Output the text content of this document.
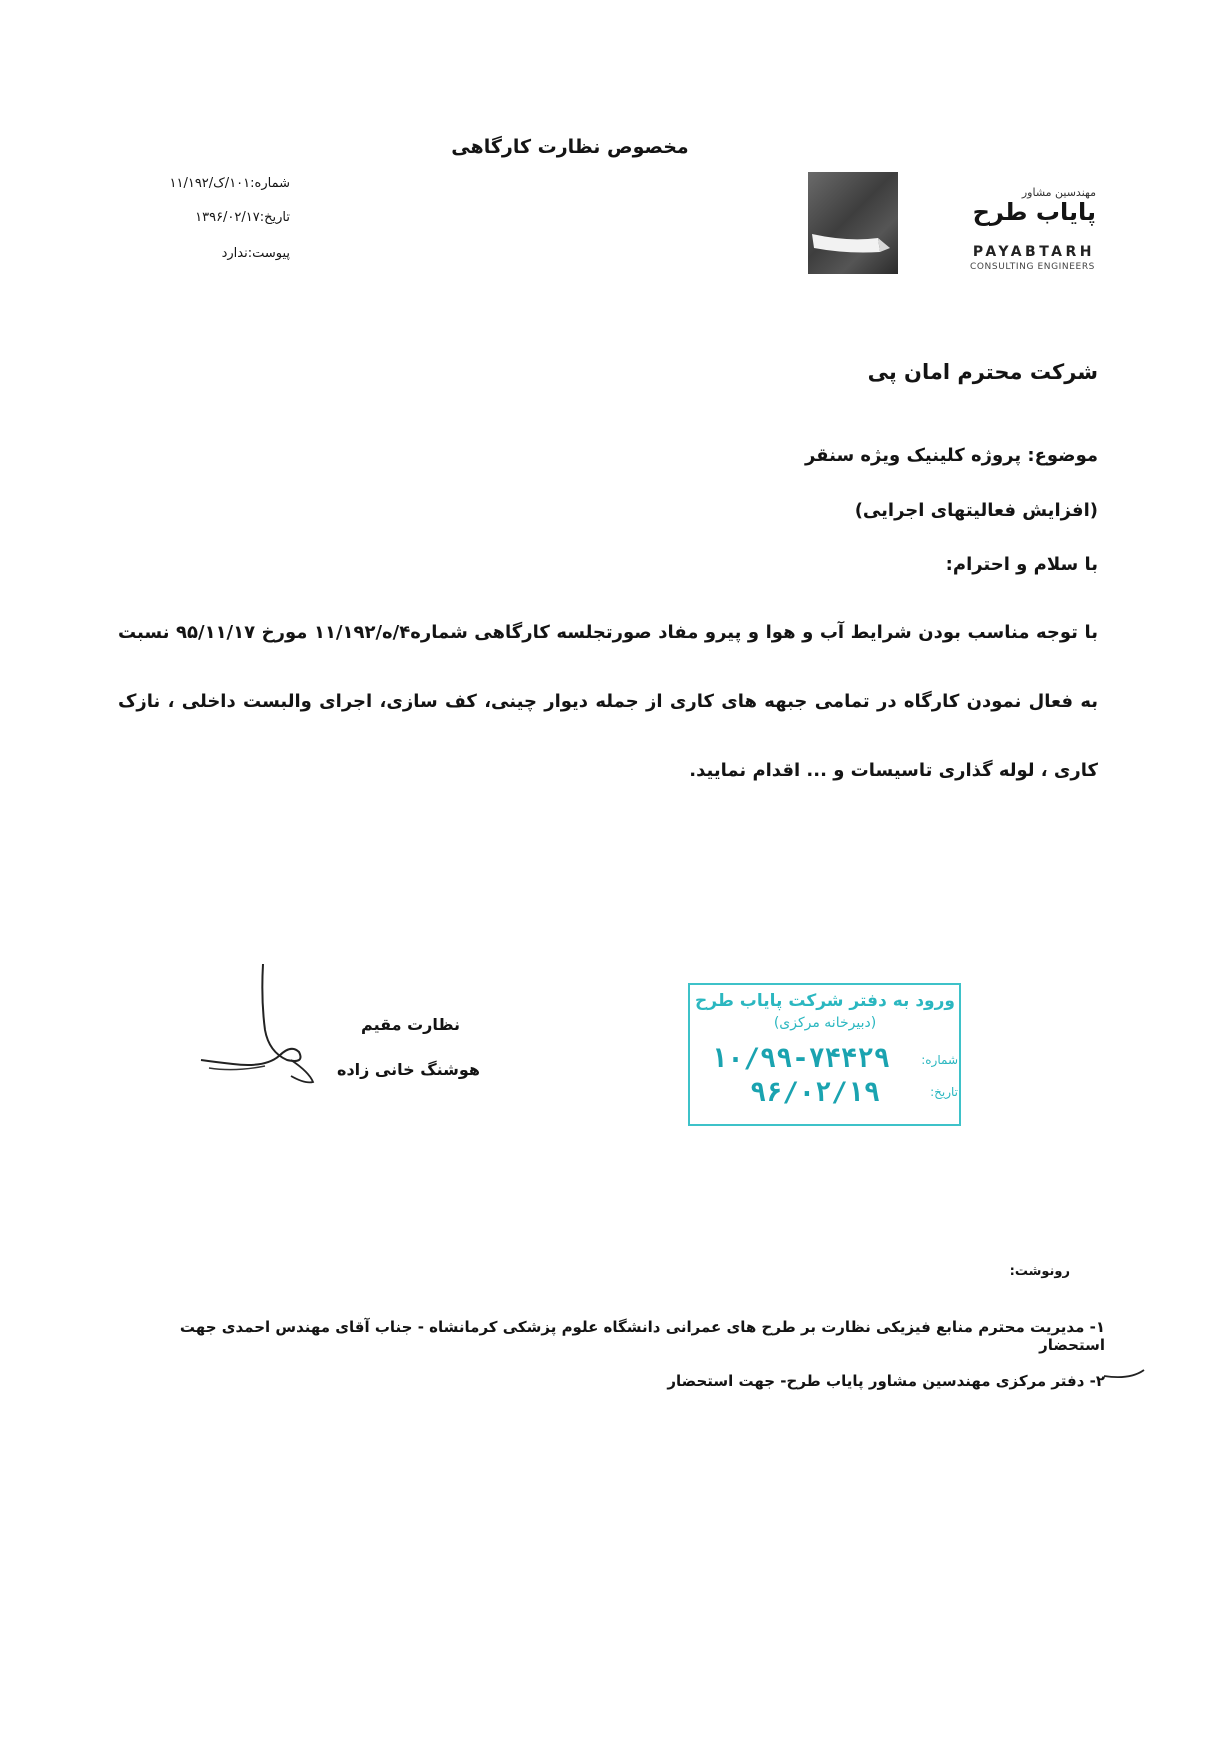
مخصوص نظارت کارگاهی
شماره:۱۰۱/ک/۱۱/۱۹۲
تاریخ:۱۳۹۶/۰۲/۱۷
پیوست:ندارد
مهندسین مشاور
پایاب طرح
PAYABTARH
CONSULTING ENGINEERS
شرکت محترم امان پی
موضوع: پروژه کلینیک ویژه سنقر
(افزایش فعالیتهای اجرایی)
با سلام و احترام:
با توجه مناسب بودن شرایط آب و هوا و پیرو مفاد صورتجلسه کارگاهی شماره۴/ه/۱۱/۱۹۲ مورخ ۹۵/۱۱/۱۷ نسبت به فعال نمودن کارگاه در تمامی جبهه های کاری از جمله دیوار چینی، کف سازی، اجرای والبست داخلی ، نازک کاری ، لوله گذاری تاسیسات و ... اقدام نمایید.
نظارت مقیم
هوشنگ خانی زاده
ورود به دفتر شرکت پایاب طرح
(دبیرخانه مرکزی)
شماره:
تاریخ:
۱۰/۹۹-۷۴۴۲۹
۹۶/۰۲/۱۹
رونوشت:
۱- مدیریت محترم منابع فیزیکی نظارت بر طرح های عمرانی دانشگاه علوم پزشکی کرمانشاه - جناب آقای مهندس احمدی جهت استحضار
۲- دفتر مرکزی مهندسین مشاور پایاب طرح- جهت استحضار
